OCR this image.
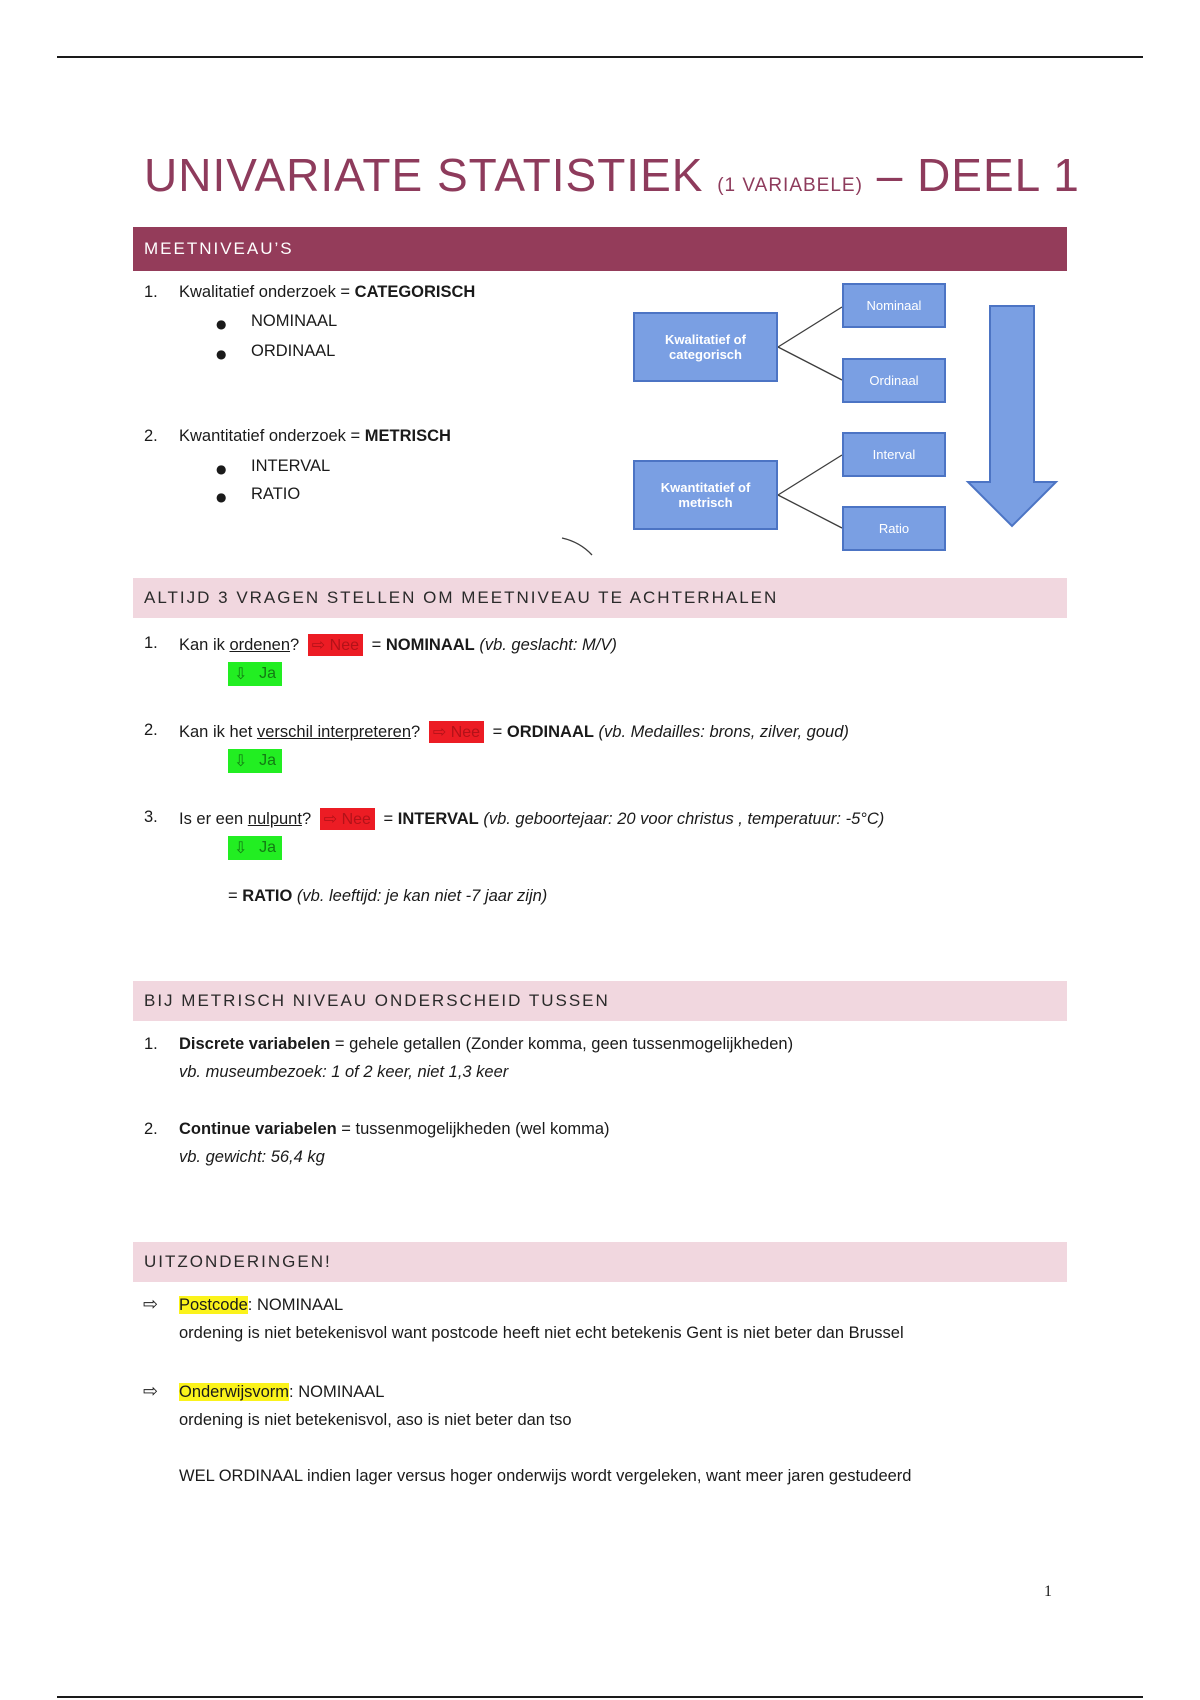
UNIVARIATE STATISTIEK (1 VARIABELE) – DEEL 1
MEETNIVEAU’S
1. Kwalitatief onderzoek = CATEGORISCH
● NOMINAAL
● ORDINAAL
2. Kwantitatief onderzoek = METRISCH
● INTERVAL
● RATIO
Kwalitatief of categorisch
Kwantitatief of metrisch
Nominaal
Ordinaal
Interval
Ratio
ALTIJD 3 VRAGEN STELLEN OM MEETNIVEAU TE ACHTERHALEN
1. Kan ik ordenen? ⇨ Nee = NOMINAAL (vb. geslacht: M/V)
⇩ Ja
2. Kan ik het verschil interpreteren? ⇨ Nee = ORDINAAL (vb. Medailles: brons, zilver, goud)
⇩ Ja
3. Is er een nulpunt? ⇨ Nee = INTERVAL (vb. geboortejaar: 20 voor christus , temperatuur: -5°C)
⇩ Ja
= RATIO (vb. leeftijd: je kan niet -7 jaar zijn)
BIJ METRISCH NIVEAU ONDERSCHEID TUSSEN
1. Discrete variabelen = gehele getallen (Zonder komma, geen tussenmogelijkheden)
vb. museumbezoek: 1 of 2 keer, niet 1,3 keer
2. Continue variabelen = tussenmogelijkheden (wel komma)
vb. gewicht: 56,4 kg
UITZONDERINGEN!
⇨ Postcode: NOMINAAL
ordening is niet betekenisvol want postcode heeft niet echt betekenis Gent is niet beter dan Brussel
⇨ Onderwijsvorm: NOMINAAL
ordening is niet betekenisvol, aso is niet beter dan tso
WEL ORDINAAL indien lager versus hoger onderwijs wordt vergeleken, want meer jaren gestudeerd
1
